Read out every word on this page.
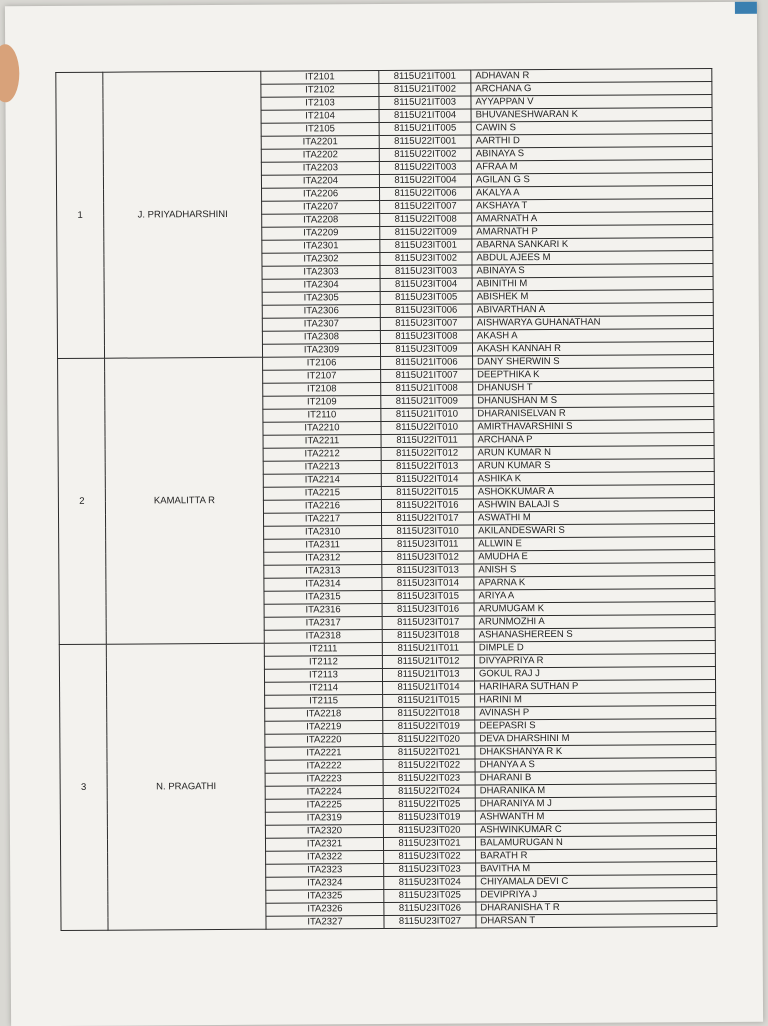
1	J. PRIYADHARSHINI	IT2101	8115U21IT001	ADHAVAN R
		IT2102	8115U21IT002	ARCHANA G
		IT2103	8115U21IT003	AYYAPPAN V
		IT2104	8115U21IT004	BHUVANESHWARAN K
		IT2105	8115U21IT005	CAWIN S
		ITA2201	8115U22IT001	AARTHI D
		ITA2202	8115U22IT002	ABINAYA S
		ITA2203	8115U22IT003	AFRAA M
		ITA2204	8115U22IT004	AGILAN G S
		ITA2206	8115U22IT006	AKALYA A
		ITA2207	8115U22IT007	AKSHAYA T
		ITA2208	8115U22IT008	AMARNATH A
		ITA2209	8115U22IT009	AMARNATH P
		ITA2301	8115U23IT001	ABARNA SANKARI K
		ITA2302	8115U23IT002	ABDUL AJEES M
		ITA2303	8115U23IT003	ABINAYA S
		ITA2304	8115U23IT004	ABINITHI M
		ITA2305	8115U23IT005	ABISHEK M
		ITA2306	8115U23IT006	ABIVARTHAN A
		ITA2307	8115U23IT007	AISHWARYA GUHANATHAN
		ITA2308	8115U23IT008	AKASH A
		ITA2309	8115U23IT009	AKASH KANNAH R
2	KAMALITTA R	IT2106	8115U21IT006	DANY SHERWIN S
		IT2107	8115U21IT007	DEEPTHIKA K
		IT2108	8115U21IT008	DHANUSH T
		IT2109	8115U21IT009	DHANUSHAN M S
		IT2110	8115U21IT010	DHARANISELVAN R
		ITA2210	8115U22IT010	AMIRTHAVARSHINI S
		ITA2211	8115U22IT011	ARCHANA P
		ITA2212	8115U22IT012	ARUN KUMAR N
		ITA2213	8115U22IT013	ARUN KUMAR S
		ITA2214	8115U22IT014	ASHIKA K
		ITA2215	8115U22IT015	ASHOKKUMAR A
		ITA2216	8115U22IT016	ASHWIN BALAJI S
		ITA2217	8115U22IT017	ASWATHI M
		ITA2310	8115U23IT010	AKILANDESWARI S
		ITA2311	8115U23IT011	ALLWIN E
		ITA2312	8115U23IT012	AMUDHA E
		ITA2313	8115U23IT013	ANISH S
		ITA2314	8115U23IT014	APARNA K
		ITA2315	8115U23IT015	ARIYA A
		ITA2316	8115U23IT016	ARUMUGAM K
		ITA2317	8115U23IT017	ARUNMOZHI A
		ITA2318	8115U23IT018	ASHANASHEREEN S
3	N. PRAGATHI	IT2111	8115U21IT011	DIMPLE D
		IT2112	8115U21IT012	DIVYAPRIYA R
		IT2113	8115U21IT013	GOKUL RAJ J
		IT2114	8115U21IT014	HARIHARA SUTHAN P
		IT2115	8115U21IT015	HARINI M
		ITA2218	8115U22IT018	AVINASH P
		ITA2219	8115U22IT019	DEEPASRI S
		ITA2220	8115U22IT020	DEVA DHARSHINI M
		ITA2221	8115U22IT021	DHAKSHANYA R K
		ITA2222	8115U22IT022	DHANYA A S
		ITA2223	8115U22IT023	DHARANI B
		ITA2224	8115U22IT024	DHARANIKA M
		ITA2225	8115U22IT025	DHARANIYA M J
		ITA2319	8115U23IT019	ASHWANTH M
		ITA2320	8115U23IT020	ASHWINKUMAR C
		ITA2321	8115U23IT021	BALAMURUGAN N
		ITA2322	8115U23IT022	BARATH R
		ITA2323	8115U23IT023	BAVITHA M
		ITA2324	8115U23IT024	CHIYAMALA DEVI C
		ITA2325	8115U23IT025	DEVIPRIYA J
		ITA2326	8115U23IT026	DHARANISHA T R
		ITA2327	8115U23IT027	DHARSAN T
